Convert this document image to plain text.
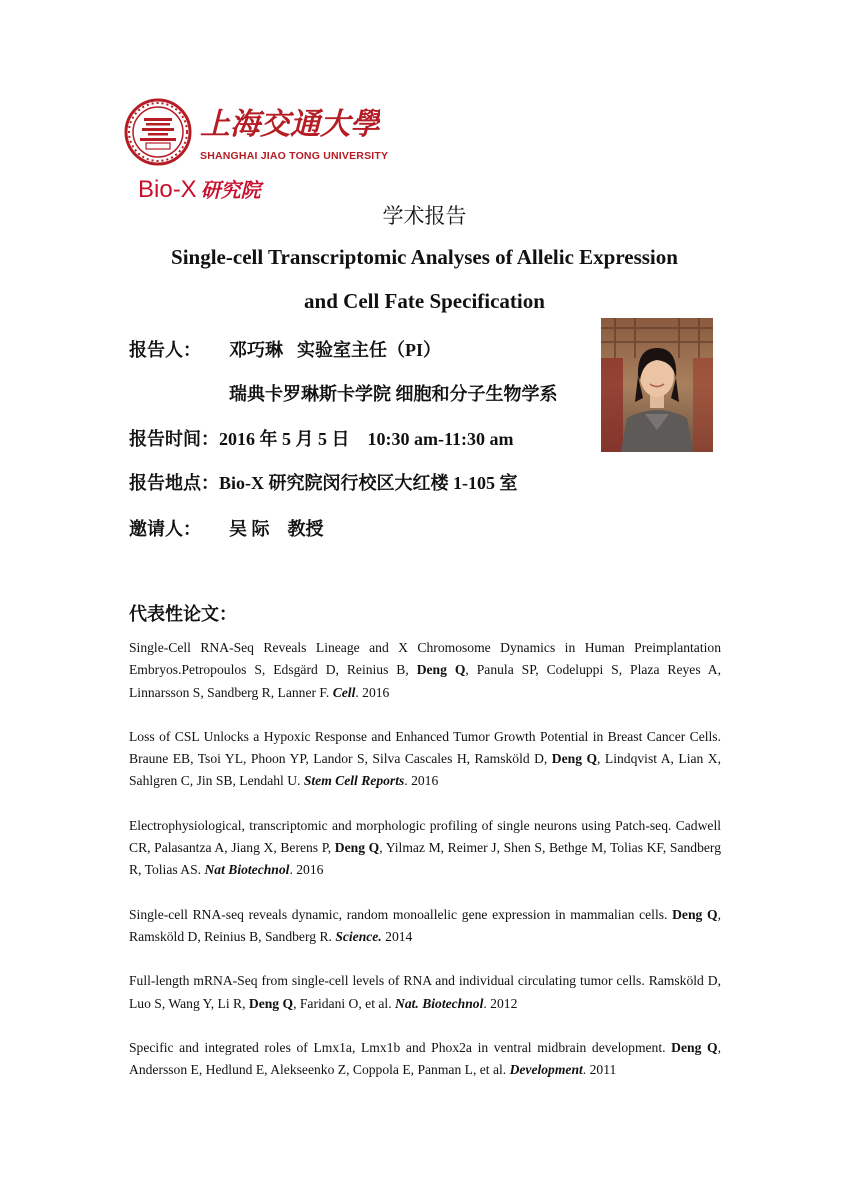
上海交通大學
SHANGHAI JIAO TONG UNIVERSITY
Bio-X 研究院
学术报告
Single-cell Transcriptomic Analyses of Allelic Expression
and Cell Fate Specification
报告人： 邓巧琳 实验室主任（PI）
瑞典卡罗琳斯卡学院 细胞和分子生物学系
报告时间：2016 年 5 月 5 日　10:30 am-11:30 am
报告地点：Bio-X 研究院闵行校区大红楼 1-105 室
邀请人： 吴 际　教授
代表性论文：

Single-Cell RNA-Seq Reveals Lineage and X Chromosome Dynamics in Human Preimplantation Embryos.Petropoulos S, Edsgärd D, Reinius B, Deng Q, Panula SP, Codeluppi S, Plaza Reyes A, Linnarsson S, Sandberg R, Lanner F. Cell. 2016

Loss of CSL Unlocks a Hypoxic Response and Enhanced Tumor Growth Potential in Breast Cancer Cells. Braune EB, Tsoi YL, Phoon YP, Landor S, Silva Cascales H, Ramsköld D, Deng Q, Lindqvist A, Lian X, Sahlgren C, Jin SB, Lendahl U. Stem Cell Reports. 2016

Electrophysiological, transcriptomic and morphologic profiling of single neurons using Patch-seq. Cadwell CR, Palasantza A, Jiang X, Berens P, Deng Q, Yilmaz M, Reimer J, Shen S, Bethge M, Tolias KF, Sandberg R, Tolias AS. Nat Biotechnol. 2016

Single-cell RNA-seq reveals dynamic, random monoallelic gene expression in mammalian cells. Deng Q, Ramsköld D, Reinius B, Sandberg R. Science. 2014

Full-length mRNA-Seq from single-cell levels of RNA and individual circulating tumor cells. Ramsköld D, Luo S, Wang Y, Li R, Deng Q, Faridani O, et al. Nat. Biotechnol. 2012

Specific and integrated roles of Lmx1a, Lmx1b and Phox2a in ventral midbrain development. Deng Q, Andersson E, Hedlund E, Alekseenko Z, Coppola E, Panman L, et al. Development. 2011
